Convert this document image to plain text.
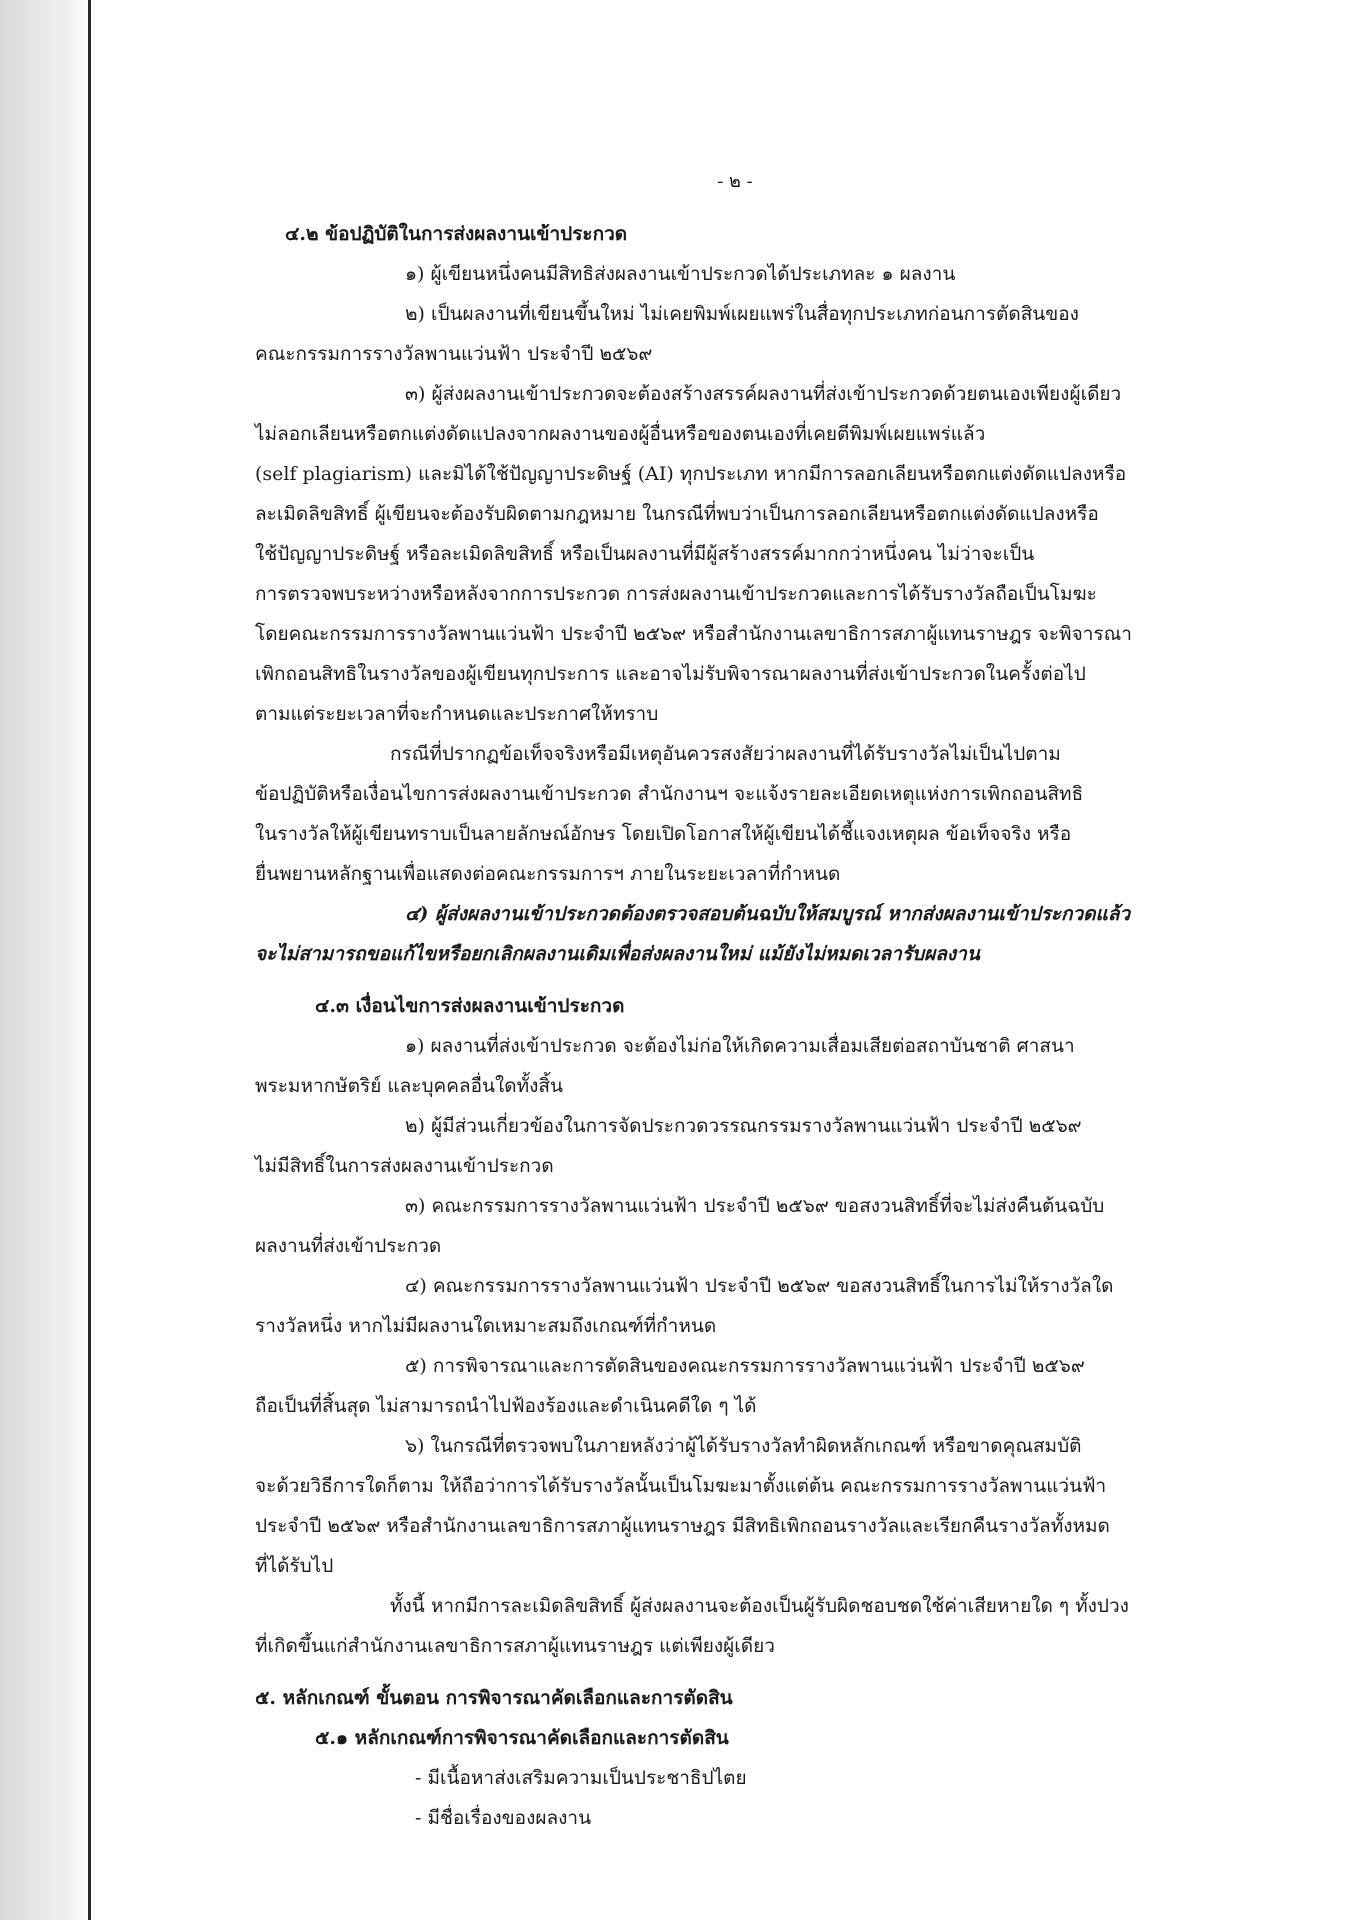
- ๒ -
๔.๒ ข้อปฏิบัติในการส่งผลงานเข้าประกวด
๑) ผู้เขียนหนึ่งคนมีสิทธิส่งผลงานเข้าประกวดได้ประเภทละ ๑ ผลงาน
๒) เป็นผลงานที่เขียนขึ้นใหม่ ไม่เคยพิมพ์เผยแพร่ในสื่อทุกประเภทก่อนการตัดสินของ
คณะกรรมการรางวัลพานแว่นฟ้า ประจำปี ๒๕๖๙
๓) ผู้ส่งผลงานเข้าประกวดจะต้องสร้างสรรค์ผลงานที่ส่งเข้าประกวดด้วยตนเองเพียงผู้เดียว
ไม่ลอกเลียนหรือตกแต่งดัดแปลงจากผลงานของผู้อื่นหรือของตนเองที่เคยตีพิมพ์เผยแพร่แล้ว
(self plagiarism) และมิได้ใช้ปัญญาประดิษฐ์ (AI) ทุกประเภท หากมีการลอกเลียนหรือตกแต่งดัดแปลงหรือ
ละเมิดลิขสิทธิ์ ผู้เขียนจะต้องรับผิดตามกฎหมาย ในกรณีที่พบว่าเป็นการลอกเลียนหรือตกแต่งดัดแปลงหรือ
ใช้ปัญญาประดิษฐ์ หรือละเมิดลิขสิทธิ์ หรือเป็นผลงานที่มีผู้สร้างสรรค์มากกว่าหนึ่งคน ไม่ว่าจะเป็น
การตรวจพบระหว่างหรือหลังจากการประกวด การส่งผลงานเข้าประกวดและการได้รับรางวัลถือเป็นโมฆะ
โดยคณะกรรมการรางวัลพานแว่นฟ้า ประจำปี ๒๕๖๙ หรือสำนักงานเลขาธิการสภาผู้แทนราษฎร จะพิจารณา
เพิกถอนสิทธิในรางวัลของผู้เขียนทุกประการ และอาจไม่รับพิจารณาผลงานที่ส่งเข้าประกวดในครั้งต่อไป
ตามแต่ระยะเวลาที่จะกำหนดและประกาศให้ทราบ
กรณีที่ปรากฏข้อเท็จจริงหรือมีเหตุอันควรสงสัยว่าผลงานที่ได้รับรางวัลไม่เป็นไปตาม
ข้อปฏิบัติหรือเงื่อนไขการส่งผลงานเข้าประกวด สำนักงานฯ จะแจ้งรายละเอียดเหตุแห่งการเพิกถอนสิทธิ
ในรางวัลให้ผู้เขียนทราบเป็นลายลักษณ์อักษร โดยเปิดโอกาสให้ผู้เขียนได้ชี้แจงเหตุผล ข้อเท็จจริง หรือ
ยื่นพยานหลักฐานเพื่อแสดงต่อคณะกรรมการฯ ภายในระยะเวลาที่กำหนด
๔) ผู้ส่งผลงานเข้าประกวดต้องตรวจสอบต้นฉบับให้สมบูรณ์ หากส่งผลงานเข้าประกวดแล้ว
จะไม่สามารถขอแก้ไขหรือยกเลิกผลงานเดิมเพื่อส่งผลงานใหม่ แม้ยังไม่หมดเวลารับผลงาน
๔.๓ เงื่อนไขการส่งผลงานเข้าประกวด
๑) ผลงานที่ส่งเข้าประกวด จะต้องไม่ก่อให้เกิดความเสื่อมเสียต่อสถาบันชาติ ศาสนา
พระมหากษัตริย์ และบุคคลอื่นใดทั้งสิ้น
๒) ผู้มีส่วนเกี่ยวข้องในการจัดประกวดวรรณกรรมรางวัลพานแว่นฟ้า ประจำปี ๒๕๖๙
ไม่มีสิทธิ์ในการส่งผลงานเข้าประกวด
๓) คณะกรรมการรางวัลพานแว่นฟ้า ประจำปี ๒๕๖๙ ขอสงวนสิทธิ์ที่จะไม่ส่งคืนต้นฉบับ
ผลงานที่ส่งเข้าประกวด
๔) คณะกรรมการรางวัลพานแว่นฟ้า ประจำปี ๒๕๖๙ ขอสงวนสิทธิ์ในการไม่ให้รางวัลใด
รางวัลหนึ่ง หากไม่มีผลงานใดเหมาะสมถึงเกณฑ์ที่กำหนด
๕) การพิจารณาและการตัดสินของคณะกรรมการรางวัลพานแว่นฟ้า ประจำปี ๒๕๖๙
ถือเป็นที่สิ้นสุด ไม่สามารถนำไปฟ้องร้องและดำเนินคดีใด ๆ ได้
๖) ในกรณีที่ตรวจพบในภายหลังว่าผู้ได้รับรางวัลทำผิดหลักเกณฑ์ หรือขาดคุณสมบัติ
จะด้วยวิธีการใดก็ตาม ให้ถือว่าการได้รับรางวัลนั้นเป็นโมฆะมาตั้งแต่ต้น คณะกรรมการรางวัลพานแว่นฟ้า
ประจำปี ๒๕๖๙ หรือสำนักงานเลขาธิการสภาผู้แทนราษฎร มีสิทธิเพิกถอนรางวัลและเรียกคืนรางวัลทั้งหมด
ที่ได้รับไป
ทั้งนี้ หากมีการละเมิดลิขสิทธิ์ ผู้ส่งผลงานจะต้องเป็นผู้รับผิดชอบชดใช้ค่าเสียหายใด ๆ ทั้งปวง
ที่เกิดขึ้นแก่สำนักงานเลขาธิการสภาผู้แทนราษฎร แต่เพียงผู้เดียว
๕. หลักเกณฑ์ ขั้นตอน การพิจารณาคัดเลือกและการตัดสิน
๕.๑ หลักเกณฑ์การพิจารณาคัดเลือกและการตัดสิน
- มีเนื้อหาส่งเสริมความเป็นประชาธิปไตย
- มีชื่อเรื่องของผลงาน
